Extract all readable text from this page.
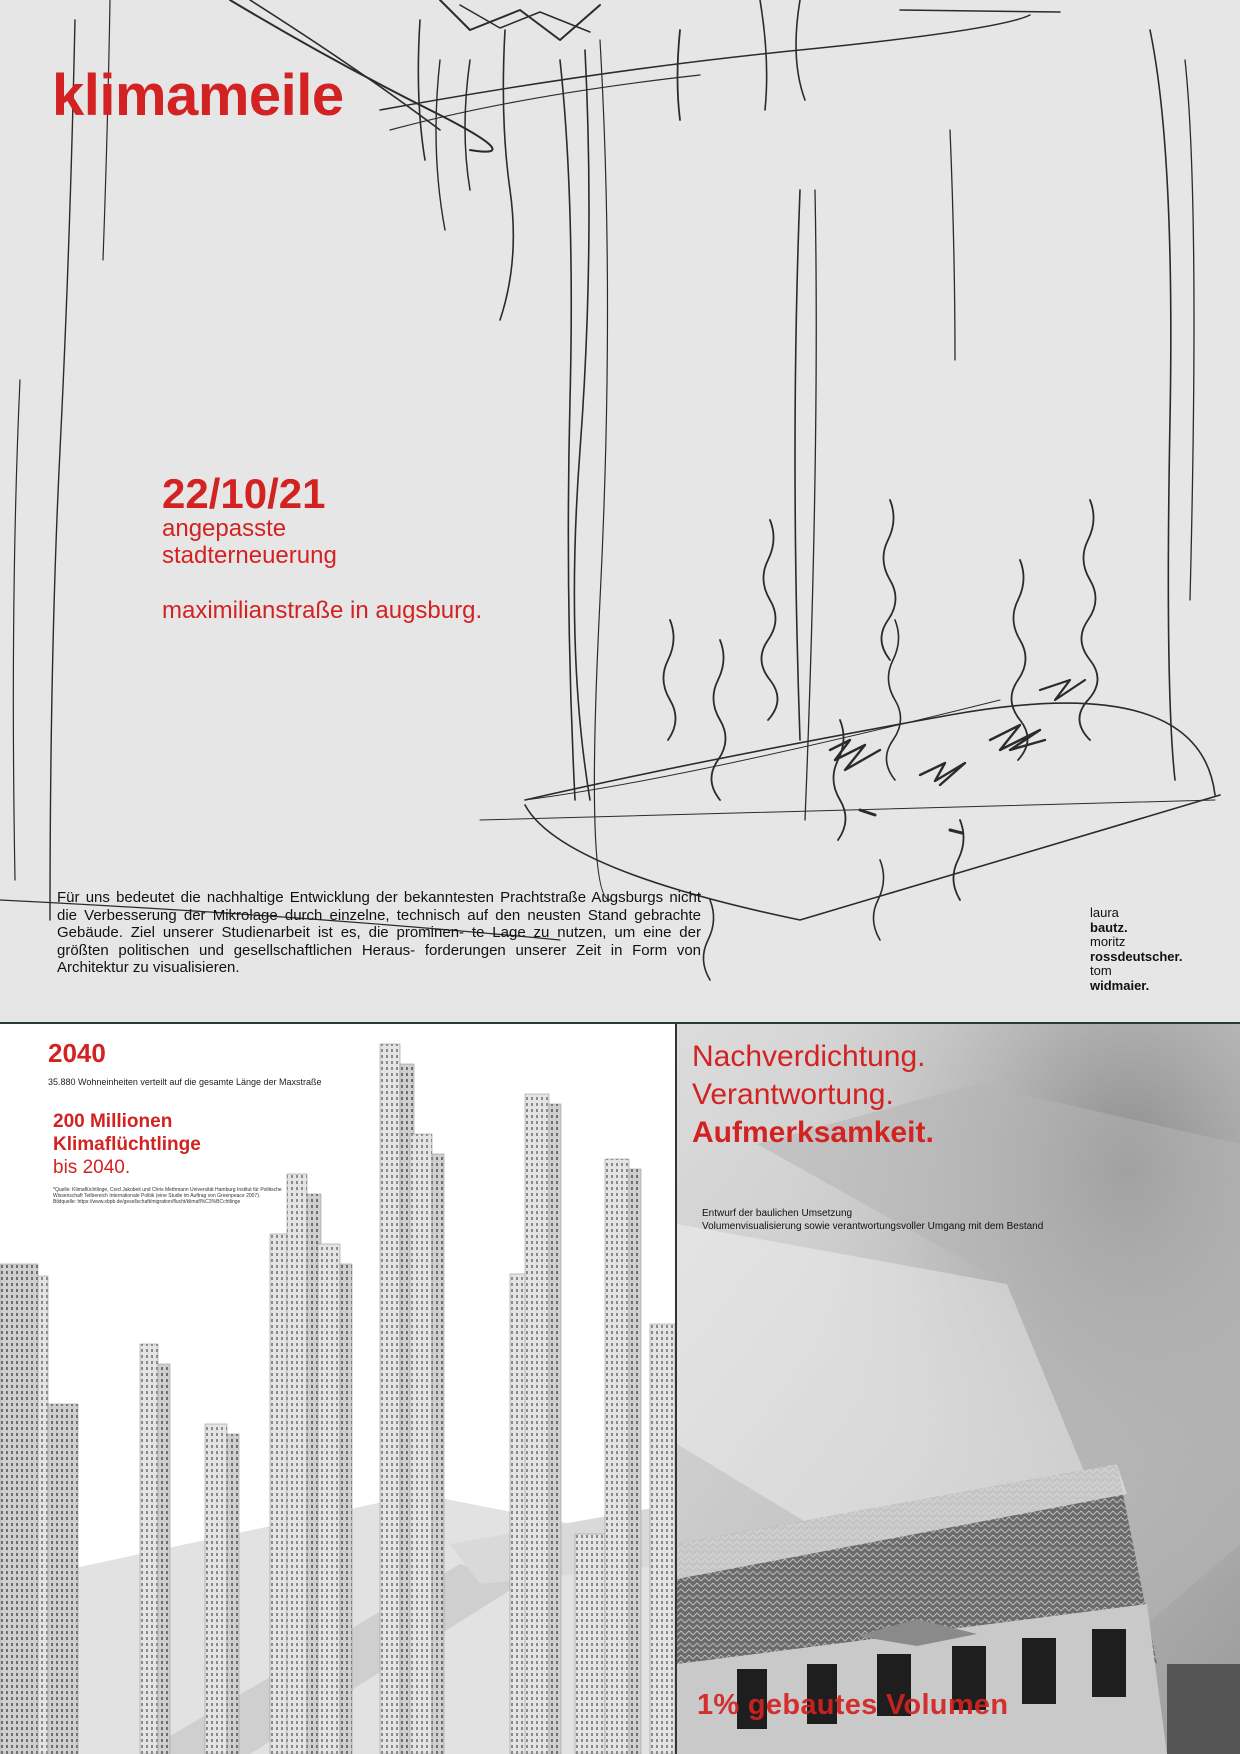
klimameile
22/10/21
angepasste
stadterneuerung
maximilianstraße in augsburg.

Für uns bedeutet die nachhaltige Entwicklung der bekanntesten Prachtstraße Augsburgs nicht die Verbesserung der Mikrolage durch einzelne, technisch auf den neusten Stand gebrachte Gebäude. Ziel unserer Studienarbeit ist es, die prominen- te Lage zu nutzen, um eine der größten politischen und gesellschaftlichen Heraus- forderungen unserer Zeit in Form von Architektur zu visualisieren.

laura
bautz.
moritz
rossdeutscher.
tom
widmaier.
2040
35.880 Wohneinheiten verteilt auf die gesamte Länge der Maxstraße
200 Millionen
Klimaflüchtlinge
bis 2040.
*Quelle: Klimaflüchtlinge, Cord Jakobeit und Chris Methmann Universität Hamburg Institut für Politische Wissenschaft Teilbereich Internationale Politik (eine Studie im Auftrag von Greenpeace 2007). Bildquelle: https://www.sbpb.de/gesellschaft/migration/flucht/klimafl%C3%BCchtlinge
Nachverdichtung.
Verantwortung.
Aufmerksamkeit.
Entwurf der baulichen Umsetzung
Volumenvisualisierung sowie verantwortungsvoller Umgang mit dem Bestand
1% gebautes Volumen
